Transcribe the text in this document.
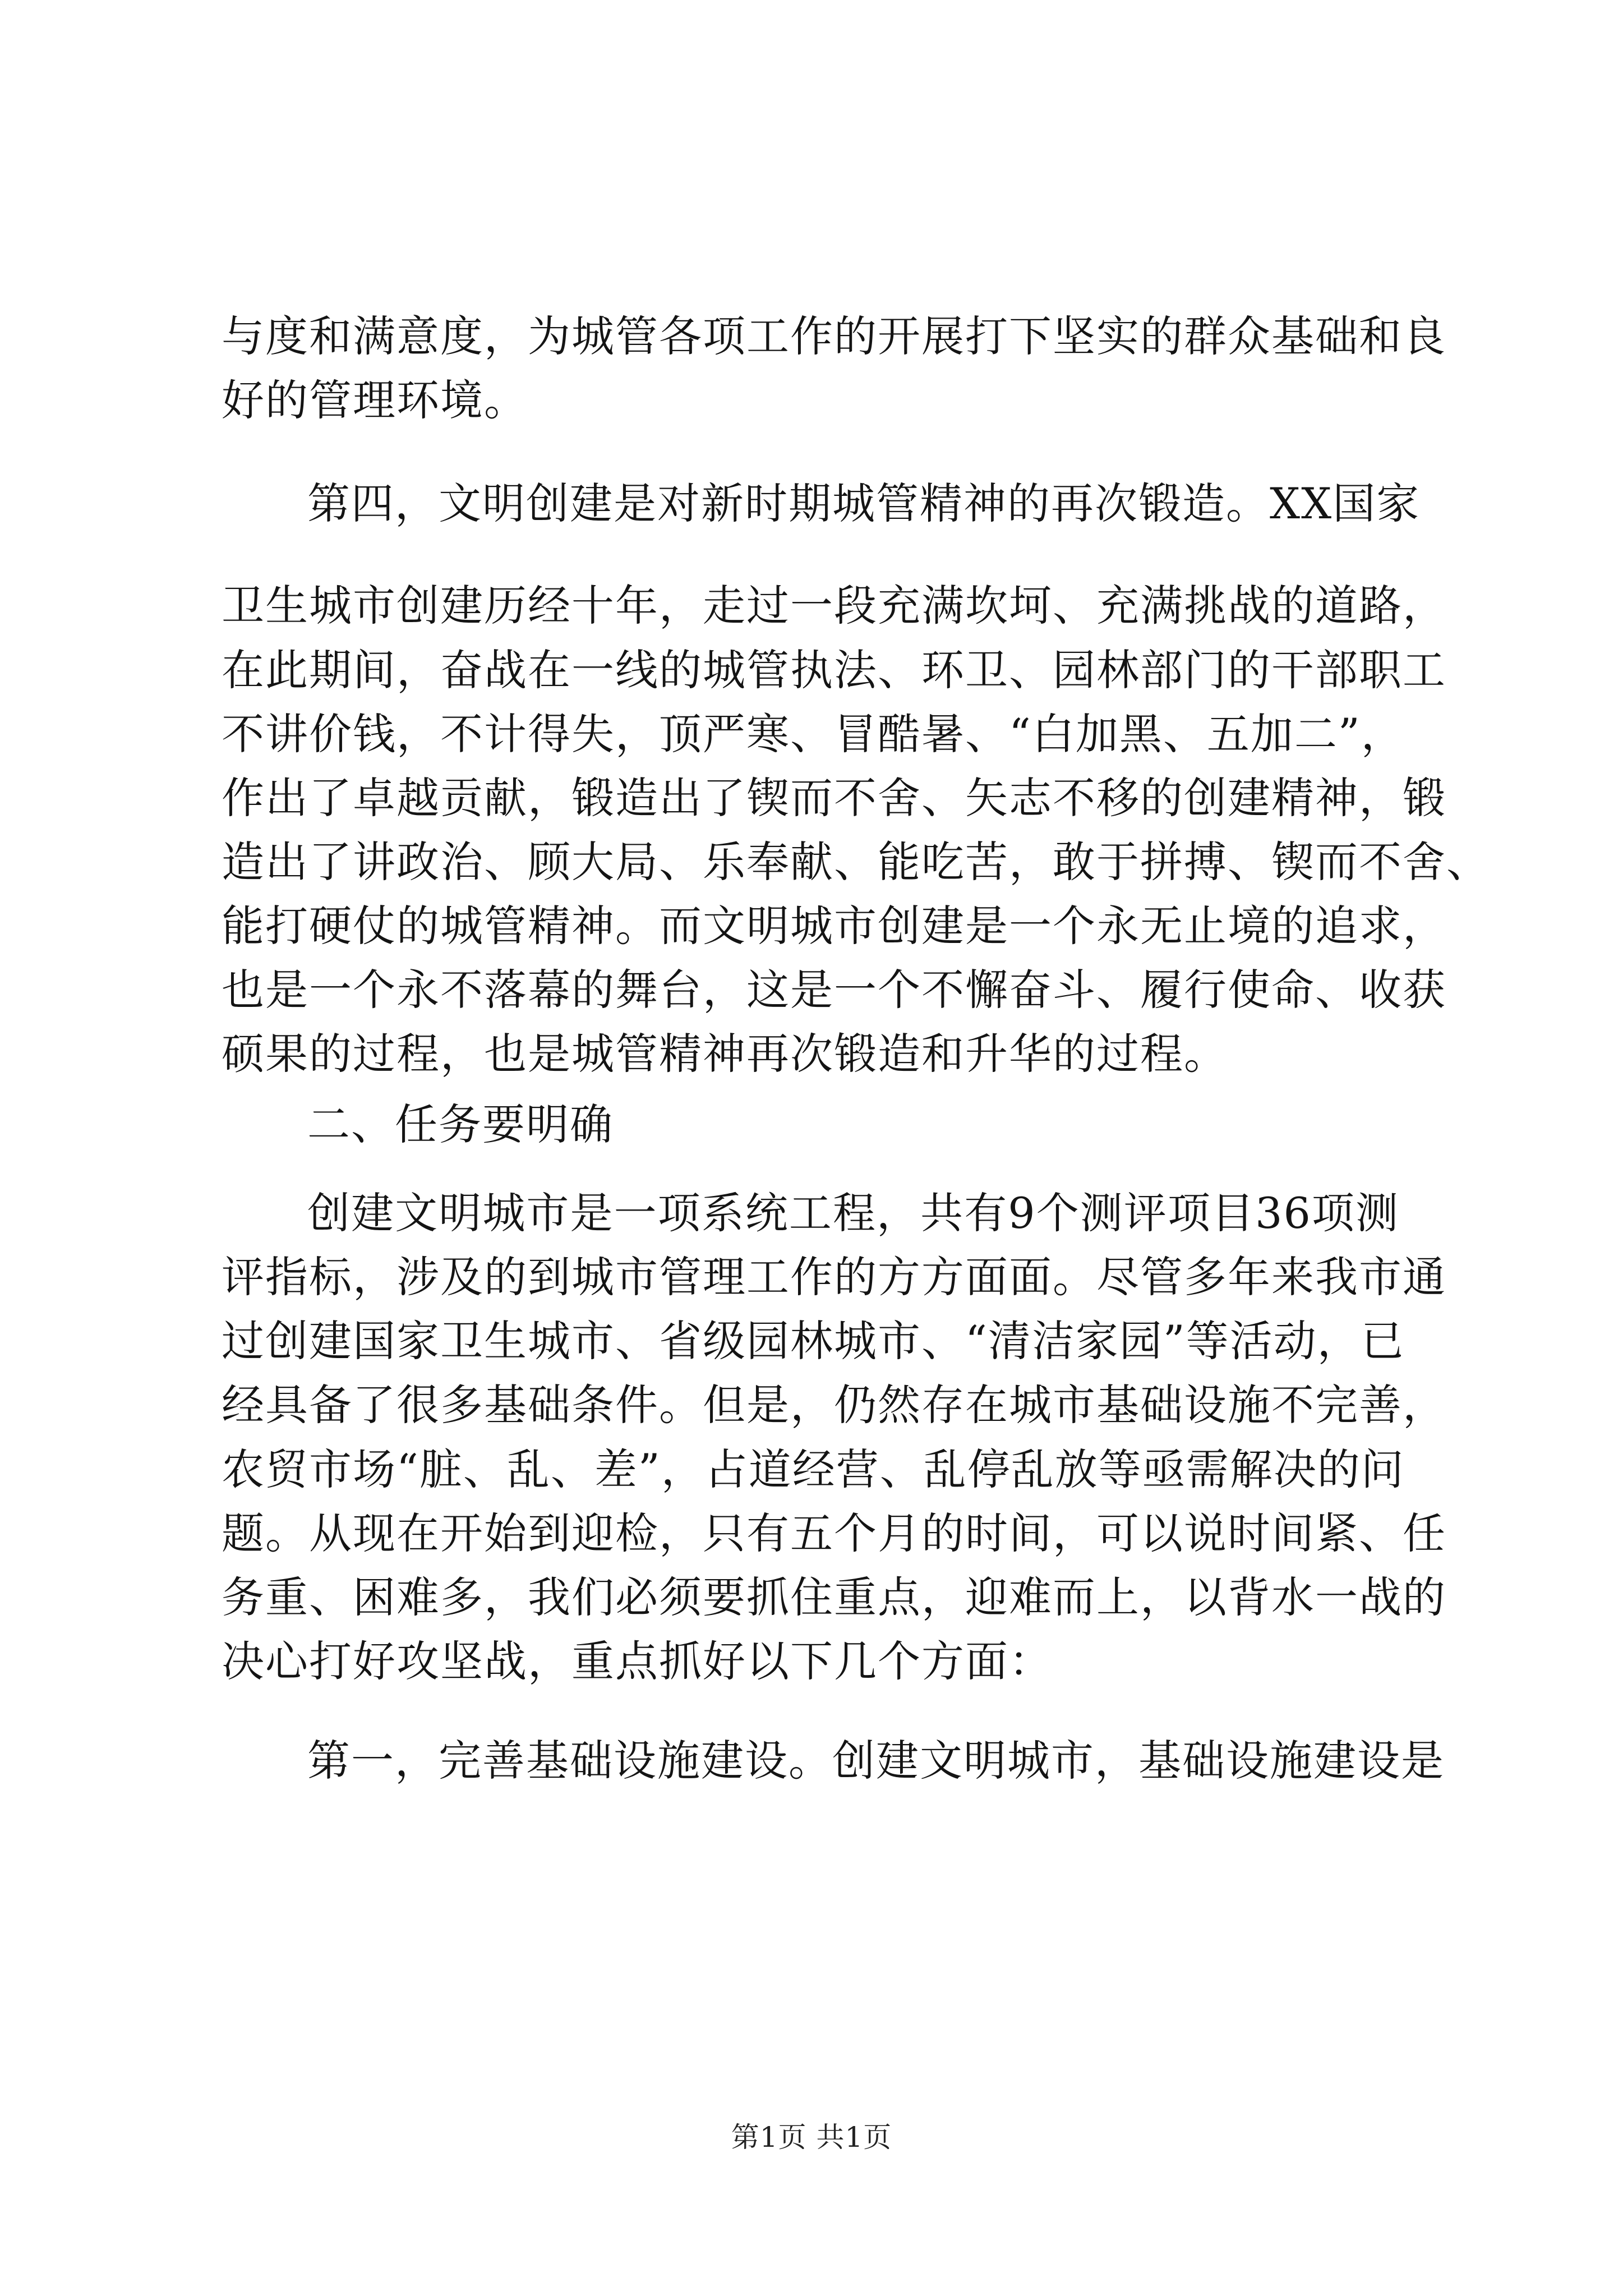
与度和满意度，为城管各项工作的开展打下坚实的群众基础和良
好的管理环境。
第四，文明创建是对新时期城管精神的再次锻造。XX国家
卫生城市创建历经十年，走过一段充满坎坷、充满挑战的道路，
在此期间，奋战在一线的城管执法、环卫、园林部门的干部职工
不讲价钱，不计得失，顶严寒、冒酷暑、“白加黑、五加二”，
作出了卓越贡献，锻造出了锲而不舍、矢志不移的创建精神，锻
造出了讲政治、顾大局、乐奉献、能吃苦，敢于拼搏、锲而不舍、
能打硬仗的城管精神。而文明城市创建是一个永无止境的追求，
也是一个永不落幕的舞台，这是一个不懈奋斗、履行使命、收获
硕果的过程，也是城管精神再次锻造和升华的过程。
二、任务要明确
创建文明城市是一项系统工程，共有9个测评项目36项测
评指标，涉及的到城市管理工作的方方面面。尽管多年来我市通
过创建国家卫生城市、省级园林城市、“清洁家园”等活动，已
经具备了很多基础条件。但是，仍然存在城市基础设施不完善，
农贸市场“脏、乱、差”，占道经营、乱停乱放等亟需解决的问
题。从现在开始到迎检，只有五个月的时间，可以说时间紧、任
务重、困难多，我们必须要抓住重点，迎难而上，以背水一战的
决心打好攻坚战，重点抓好以下几个方面：
第一，完善基础设施建设。创建文明城市，基础设施建设是
第1页 共1页
